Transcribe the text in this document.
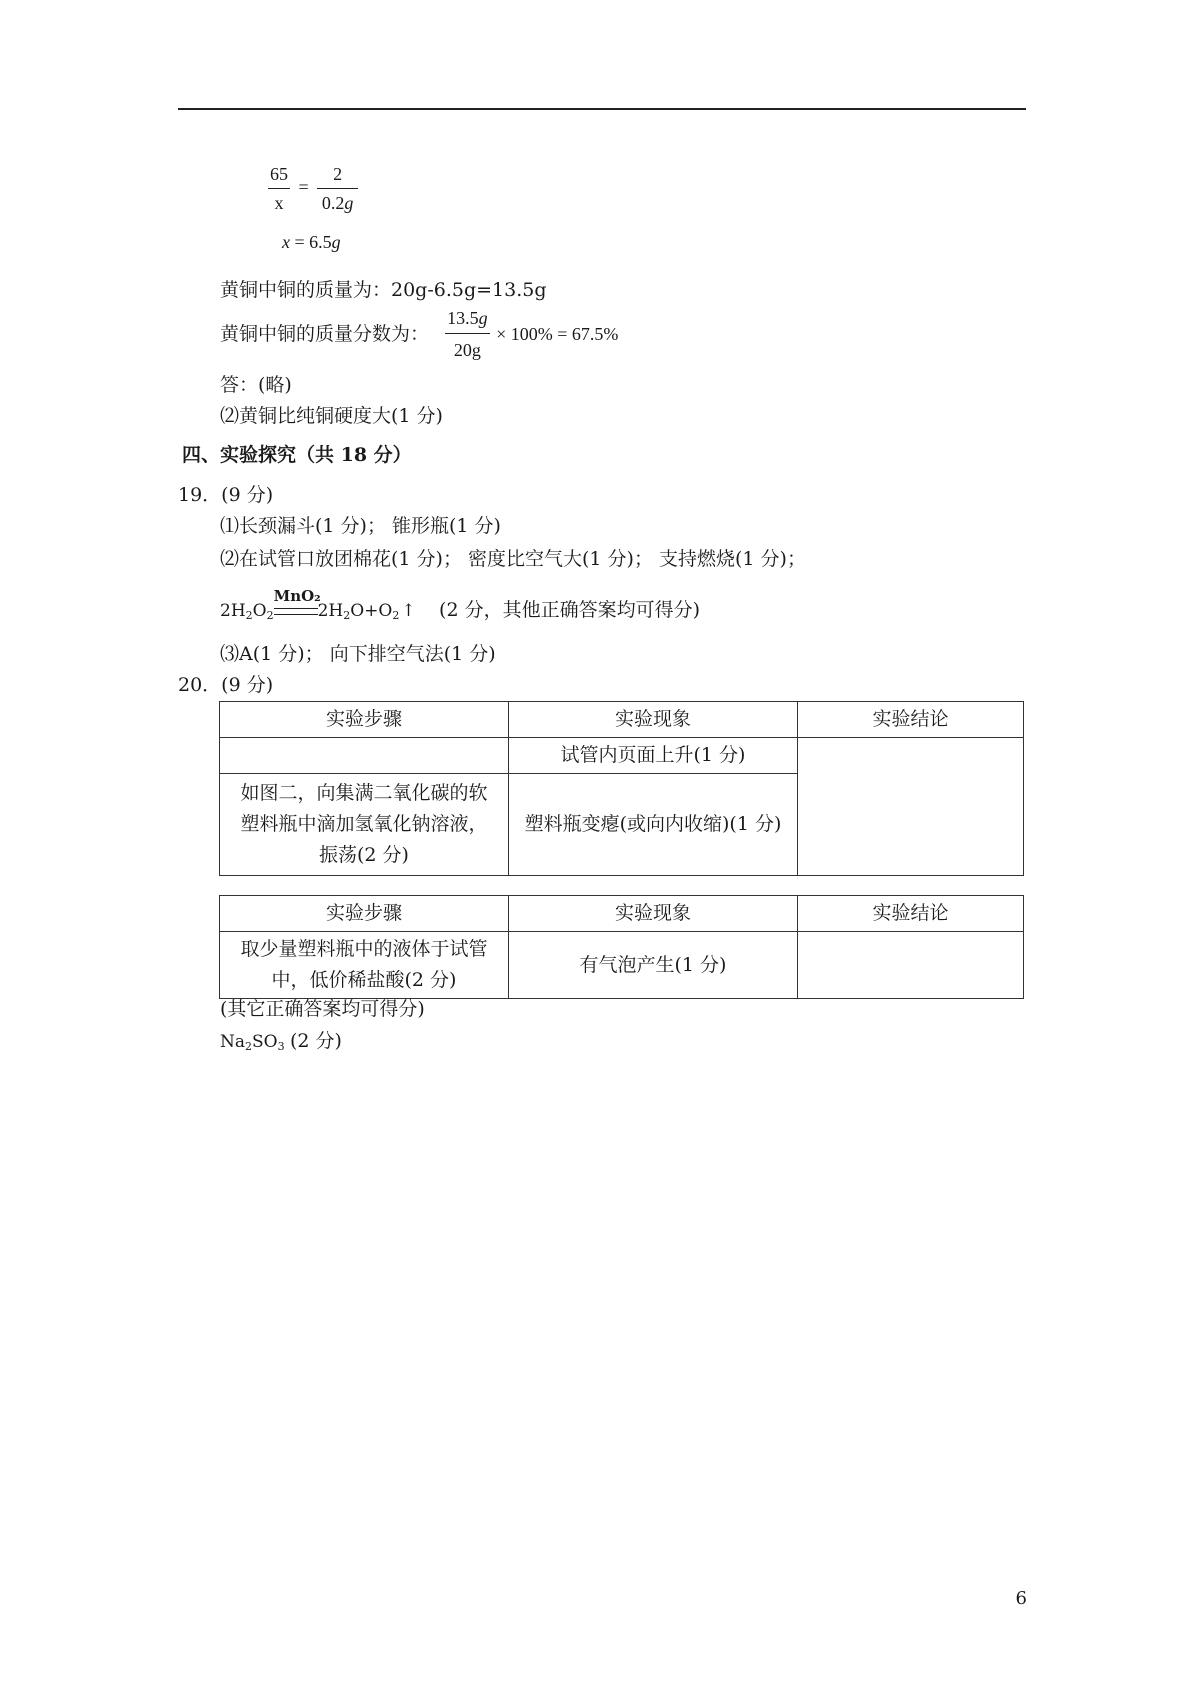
$\frac{65}{x} = \frac{2}{0.2g}$
x = 6.5g
黄铜中铜的质量为：20g-6.5g=13.5g
黄铜中铜的质量分数为： $\frac{13.5g}{20g} \times 100\% = 67.5\%$
答：(略)
⑵黄铜比纯铜硬度大(1 分)
四、实验探究（共 18 分）
19．(9 分)
⑴长颈漏斗(1 分)； 锥形瓶(1 分)
⑵在试管口放团棉花(1 分)； 密度比空气大(1 分)； 支持燃烧(1 分)；
$2H_2O_2$
MnO₂
$2H_2O+O_2$ ↑ (2 分，其他正确答案均可得分)
⑶A(1 分)； 向下排空气法(1 分)
20．(9 分)
实验步骤	实验现象	实验结论
	试管内页面上升(1 分)	
如图二，向集满二氧化碳的软塑料瓶中滴加氢氧化钠溶液，振荡(2 分)	塑料瓶变瘪(或向内收缩)(1 分)	
实验步骤	实验现象	实验结论
取少量塑料瓶中的液体于试管中，低价稀盐酸(2 分)	有气泡产生(1 分)	
(其它正确答案均可得分)
$Na_2SO_3$ (2 分)
6
